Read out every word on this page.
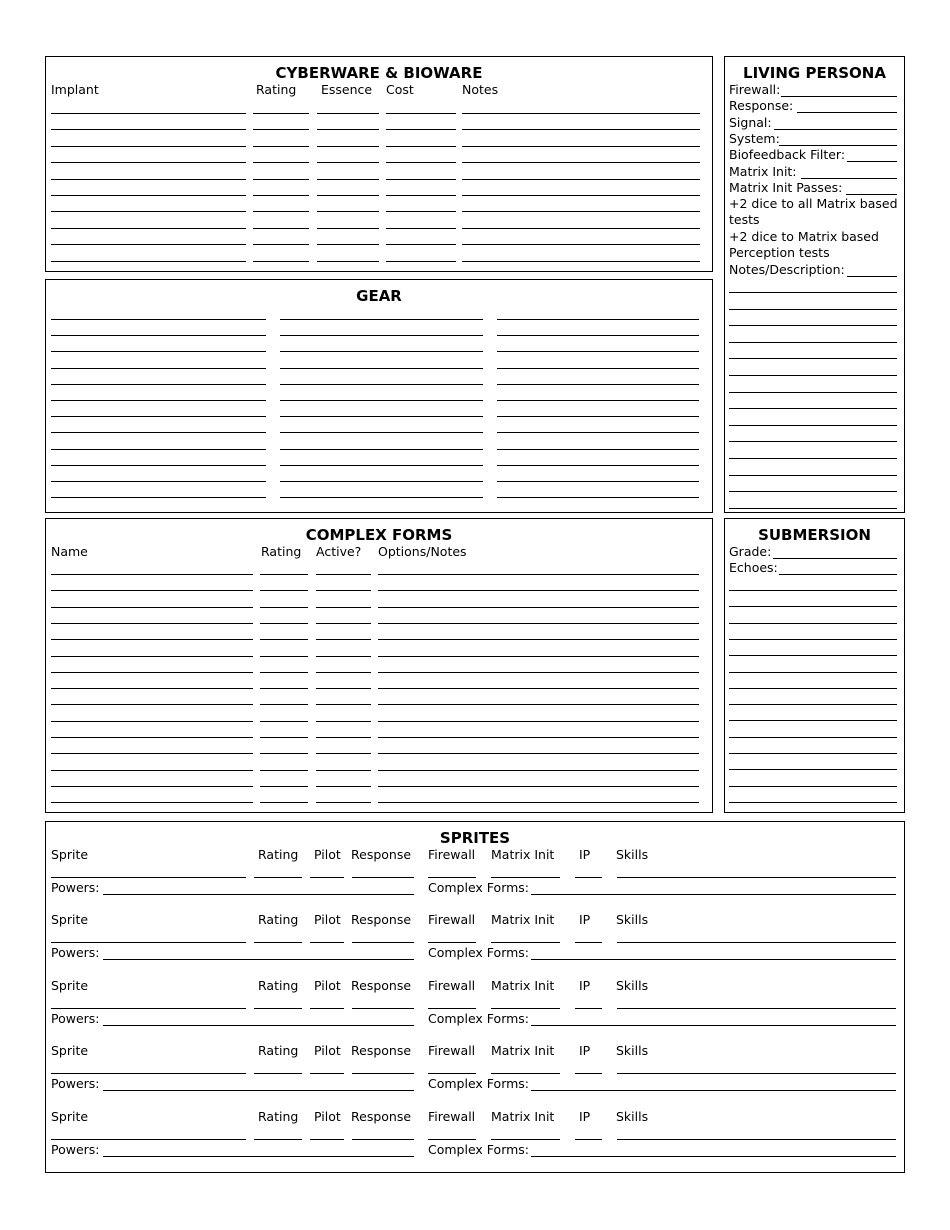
CYBERWARE & BIOWARE
Implant	Rating Essence Cost	Notes
GEAR
COMPLEX FORMS
Name	Rating Active? Options/Notes
LIVING PERSONA
Firewall:
Response:
Signal:
System:
Biofeedback Filter:
Matrix Init:
Matrix Init Passes:
+2 dice to all Matrix based
tests
+2 dice to Matrix based
Perception tests
Notes/Description:
SUBMERSION
Grade:
Echoes:
SPRITES
Sprite	Rating Pilot Response Firewall Matrix Init IP Skills
Powers:	Complex Forms:
Sprite	Rating Pilot Response Firewall Matrix Init IP Skills
Powers:	Complex Forms:
Sprite	Rating Pilot Response Firewall Matrix Init IP Skills
Powers:	Complex Forms:
Sprite	Rating Pilot Response Firewall Matrix Init IP Skills
Powers:	Complex Forms:
Sprite	Rating Pilot Response Firewall Matrix Init IP Skills
Powers:	Complex Forms:
